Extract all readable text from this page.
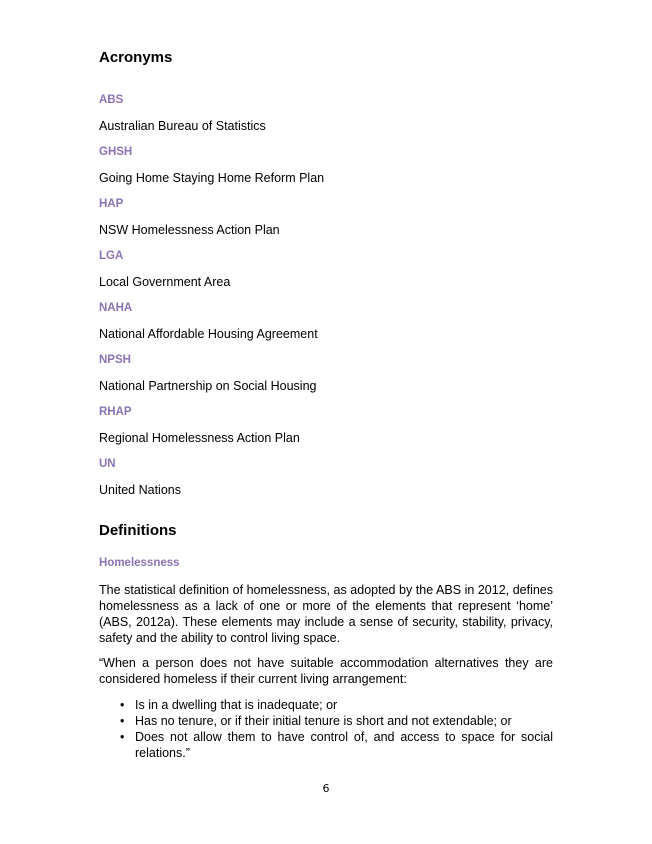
Acronyms
ABS
Australian Bureau of Statistics
GHSH
Going Home Staying Home Reform Plan
HAP
NSW Homelessness Action Plan
LGA
Local Government Area
NAHA
National Affordable Housing Agreement
NPSH
National Partnership on Social Housing
RHAP
Regional Homelessness Action Plan
UN
United Nations
Definitions
Homelessness

The statistical definition of homelessness, as adopted by the ABS in 2012, defines homelessness as a lack of one or more of the elements that represent ‘home’ (ABS, 2012a). These elements may include a sense of security, stability, privacy, safety and the ability to control living space.

“When a person does not have suitable accommodation alternatives they are considered homeless if their current living arrangement:

• Is in a dwelling that is inadequate; or
• Has no tenure, or if their initial tenure is short and not extendable; or
• Does not allow them to have control of, and access to space for social relations.”
6
